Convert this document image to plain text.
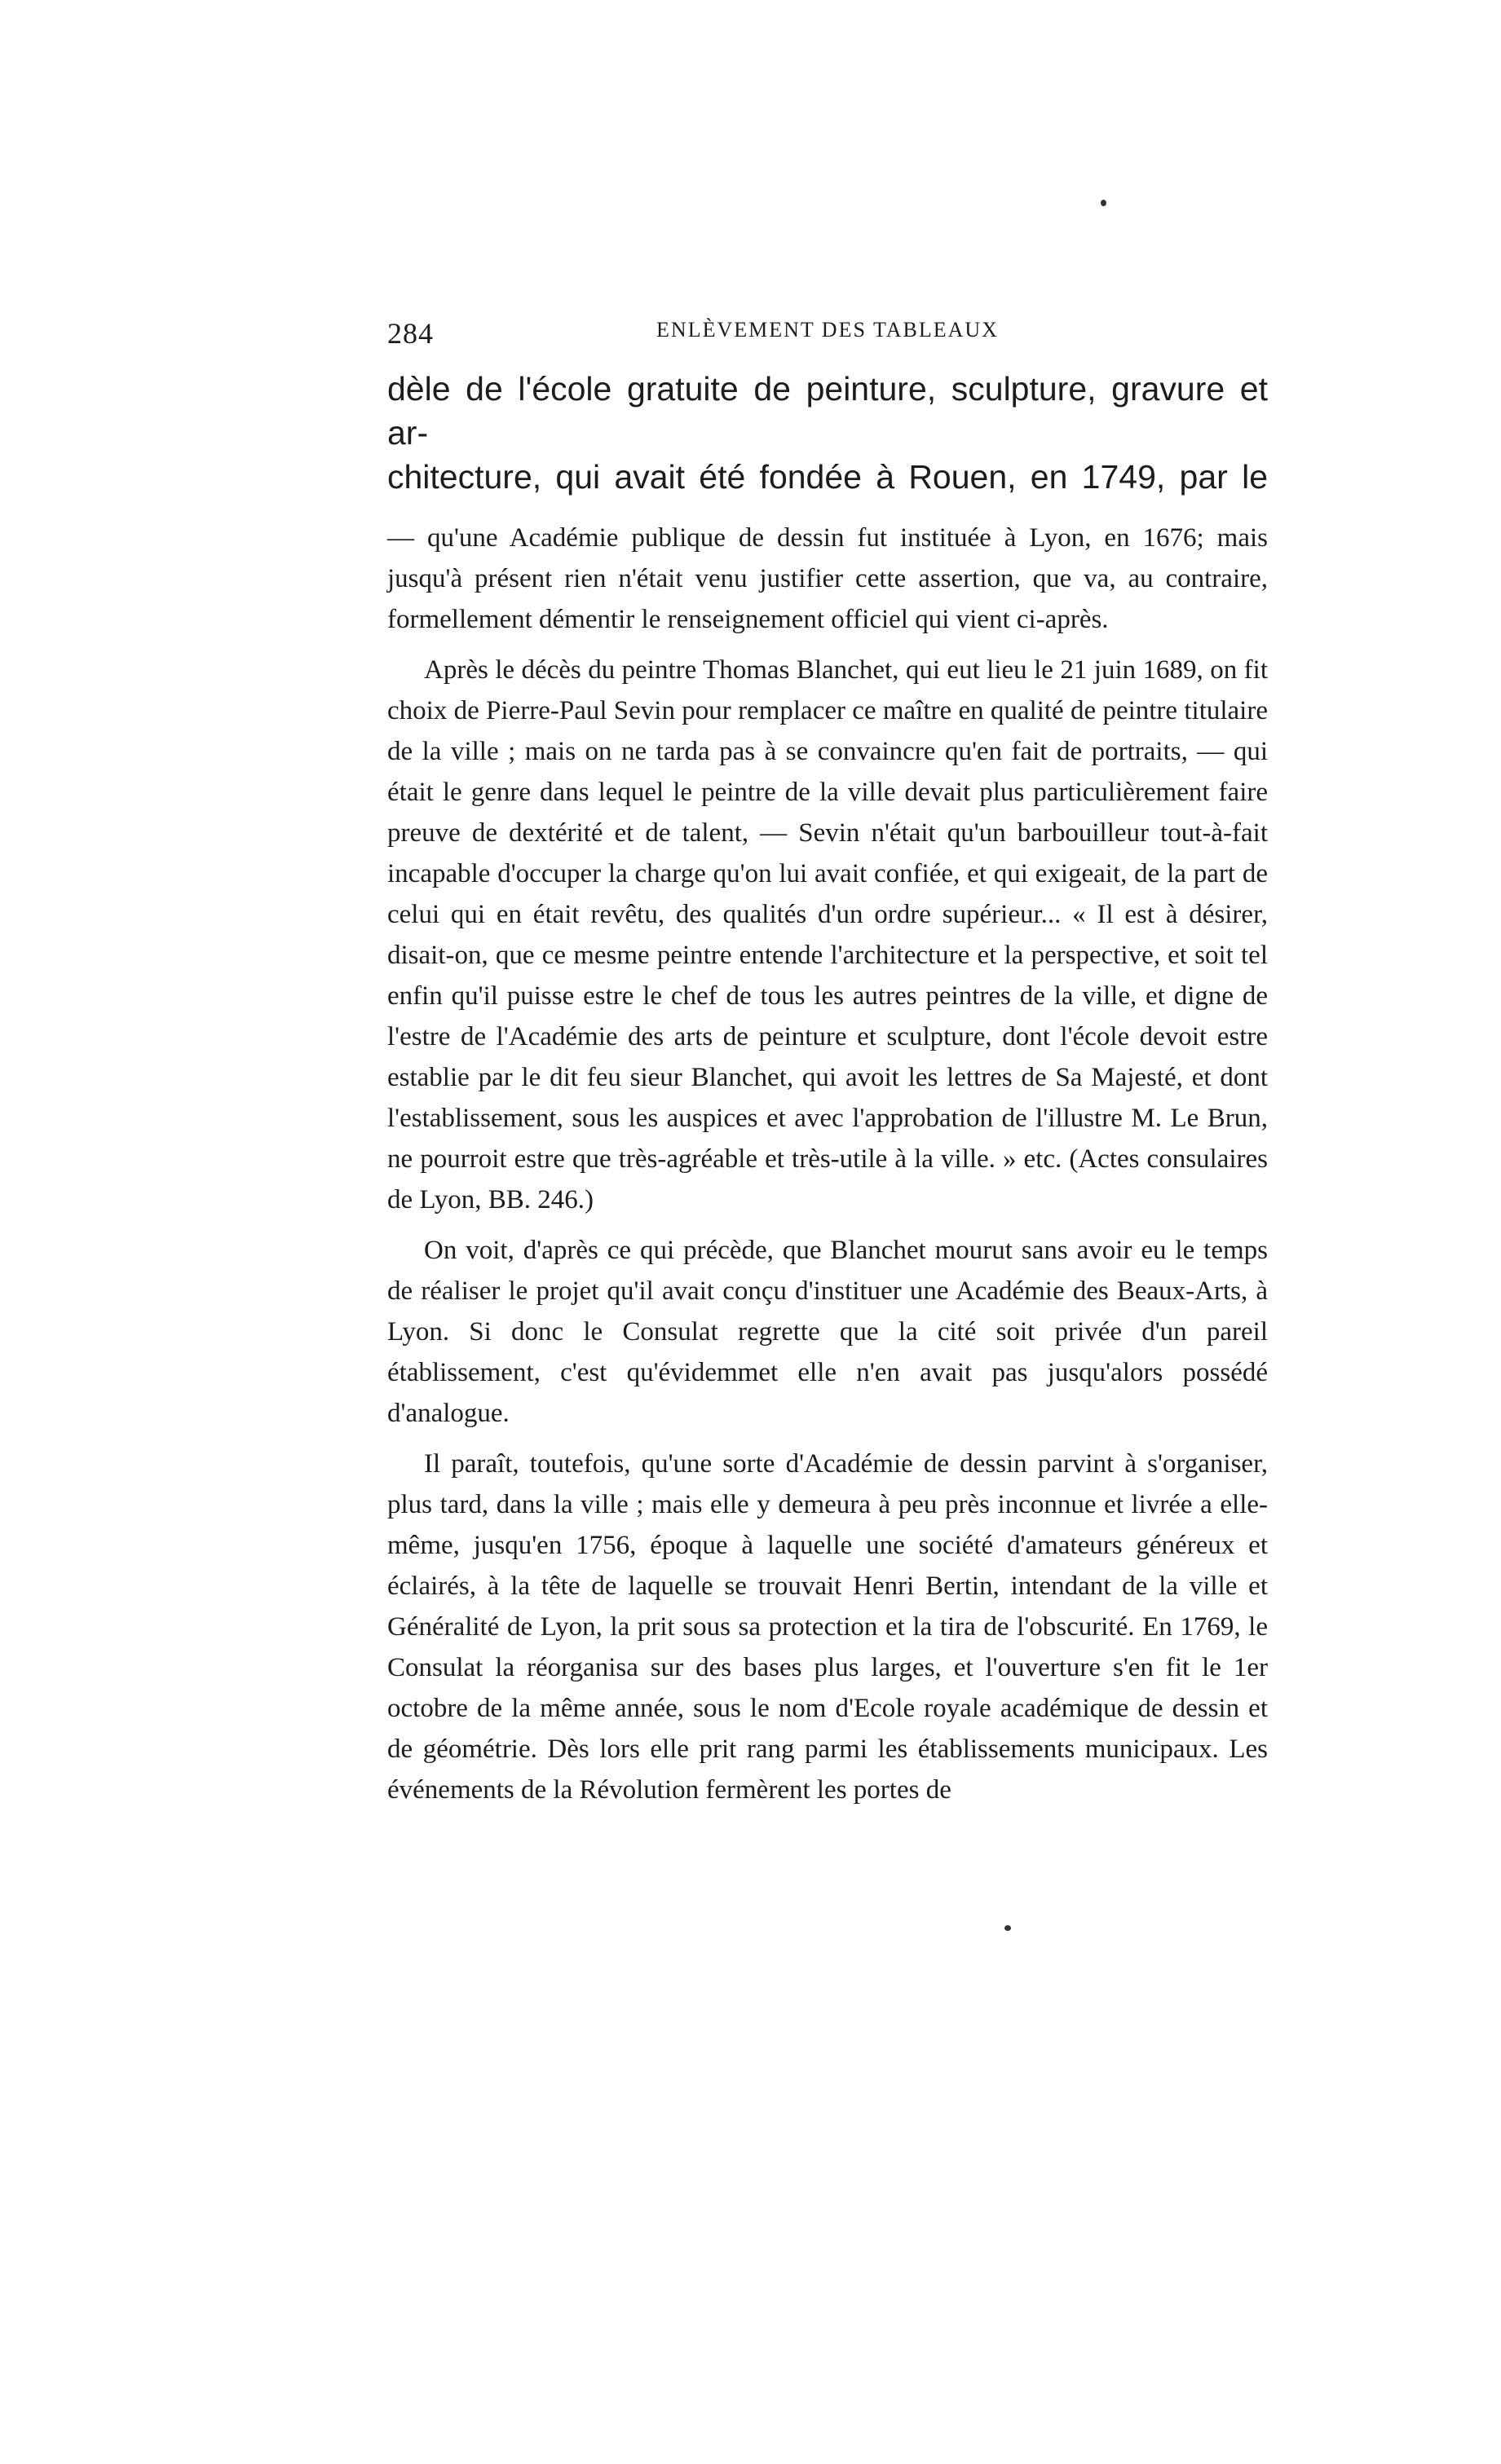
284	ENLÈVEMENT DES TABLEAUX
dèle de l'école gratuite de peinture, sculpture, gravure et ar-
chitecture, qui avait été fondée à Rouen, en 1749, par le

— qu'une Académie publique de dessin fut instituée à Lyon, en 1676; mais jusqu'à présent rien n'était venu justifier cette assertion, que va, au contraire, formellement démentir le renseignement officiel qui vient ci-après.

Après le décès du peintre Thomas Blanchet, qui eut lieu le 21 juin 1689, on fit choix de Pierre-Paul Sevin pour remplacer ce maître en qualité de peintre titulaire de la ville ; mais on ne tarda pas à se convaincre qu'en fait de portraits, — qui était le genre dans lequel le peintre de la ville devait plus particulièrement faire preuve de dextérité et de talent, — Sevin n'était qu'un barbouilleur tout-à-fait incapable d'occuper la charge qu'on lui avait confiée, et qui exigeait, de la part de celui qui en était revêtu, des qualités d'un ordre supérieur... « Il est à désirer, disait-on, que ce mesme peintre entende l'architecture et la perspective, et soit tel enfin qu'il puisse estre le chef de tous les autres peintres de la ville, et digne de l'estre de l'Académie des arts de peinture et sculpture, dont l'école devoit estre establie par le dit feu sieur Blanchet, qui avoit les lettres de Sa Majesté, et dont l'establissement, sous les auspices et avec l'approbation de l'illustre M. Le Brun, ne pourroit estre que très-agréable et très-utile à la ville. » etc. (Actes consulaires de Lyon, BB. 246.)

On voit, d'après ce qui précède, que Blanchet mourut sans avoir eu le temps de réaliser le projet qu'il avait conçu d'instituer une Académie des Beaux-Arts, à Lyon. Si donc le Consulat regrette que la cité soit privée d'un pareil établissement, c'est qu'évidemmet elle n'en avait pas jusqu'alors possédé d'analogue.

Il paraît, toutefois, qu'une sorte d'Académie de dessin parvint à s'organiser, plus tard, dans la ville ; mais elle y demeura à peu près inconnue et livrée a elle-même, jusqu'en 1756, époque à laquelle une société d'amateurs généreux et éclairés, à la tête de laquelle se trouvait Henri Bertin, intendant de la ville et Généralité de Lyon, la prit sous sa protection et la tira de l'obscurité. En 1769, le Consulat la réorganisa sur des bases plus larges, et l'ouverture s'en fit le 1er octobre de la même année, sous le nom d'Ecole royale académique de dessin et de géométrie. Dès lors elle prit rang parmi les établissements municipaux. Les événements de la Révolution fermèrent les portes de
